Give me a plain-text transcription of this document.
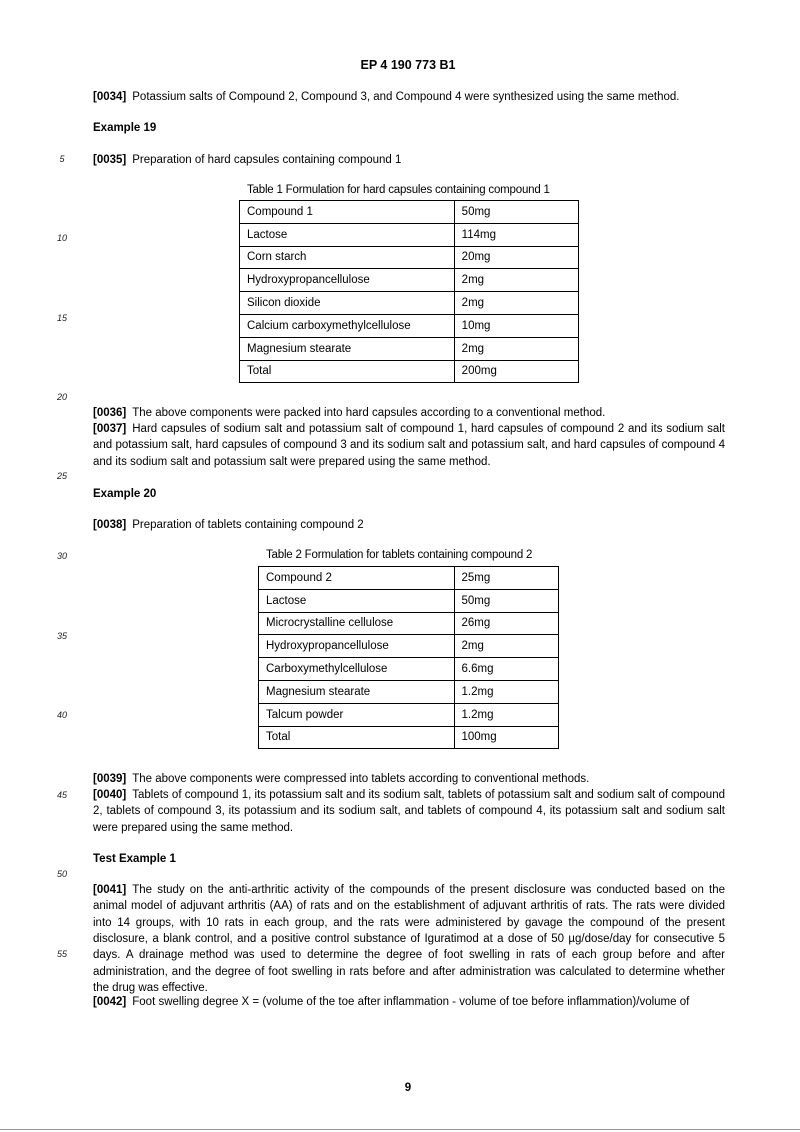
EP 4 190 773 B1
5
10
15
20
25
30
35
40
45
50
55
[0034] Potassium salts of Compound 2, Compound 3, and Compound 4 were synthesized using the same method.
Example 19
[0035] Preparation of hard capsules containing compound 1
Table 1 Formulation for hard capsules containing compound 1
Compound 1	50mg
Lactose	114mg
Corn starch	20mg
Hydroxypropancellulose	2mg
Silicon dioxide	2mg
Calcium carboxymethylcellulose	10mg
Magnesium stearate	2mg
Total	200mg
[0036] The above components were packed into hard capsules according to a conventional method.
[0037] Hard capsules of sodium salt and potassium salt of compound 1, hard capsules of compound 2 and its sodium salt and potassium salt, hard capsules of compound 3 and its sodium salt and potassium salt, and hard capsules of compound 4 and its sodium salt and potassium salt were prepared using the same method.
Example 20
[0038] Preparation of tablets containing compound 2
Table 2 Formulation for tablets containing compound 2
Compound 2	25mg
Lactose	50mg
Microcrystalline cellulose	26mg
Hydroxypropancellulose	2mg
Carboxymethylcellulose	6.6mg
Magnesium stearate	1.2mg
Talcum powder	1.2mg
Total	100mg
[0039] The above components were compressed into tablets according to conventional methods.
[0040] Tablets of compound 1, its potassium salt and its sodium salt, tablets of potassium salt and sodium salt of compound 2, tablets of compound 3, its potassium and its sodium salt, and tablets of compound 4, its potassium salt and sodium salt were prepared using the same method.
Test Example 1
[0041] The study on the anti-arthritic activity of the compounds of the present disclosure was conducted based on the animal model of adjuvant arthritis (AA) of rats and on the establishment of adjuvant arthritis of rats. The rats were divided into 14 groups, with 10 rats in each group, and the rats were administered by gavage the compound of the present disclosure, a blank control, and a positive control substance of Iguratimod at a dose of 50 µg/dose/day for consecutive 5 days. A drainage method was used to determine the degree of foot swelling in rats of each group before and after administration, and the degree of foot swelling in rats before and after administration was calculated to determine whether the drug was effective.
[0042] Foot swelling degree X = (volume of the toe after inflammation - volume of toe before inflammation)/volume of
9
